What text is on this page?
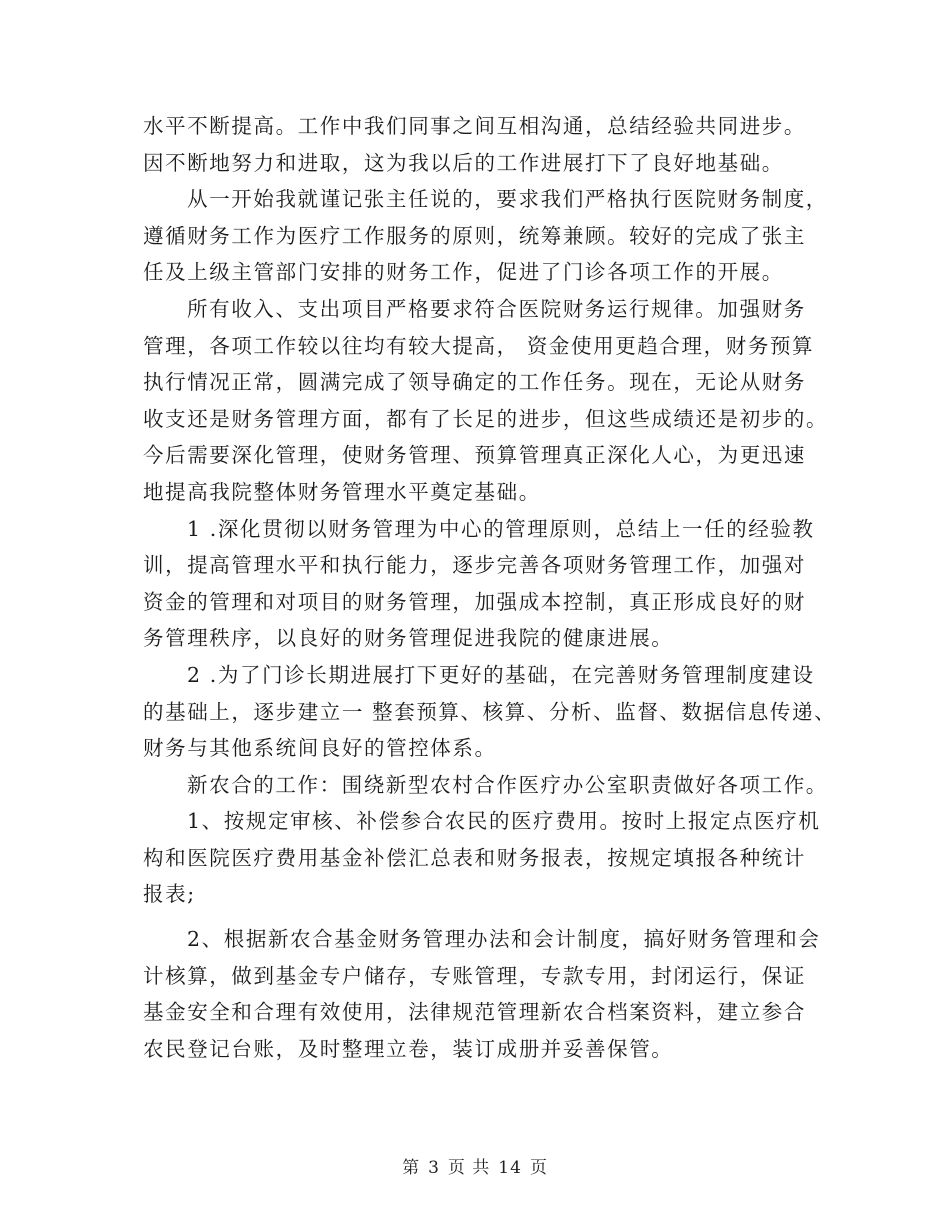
水平不断提高。工作中我们同事之间互相沟通，总结经验共同进步。
因不断地努力和进取，这为我以后的工作进展打下了良好地基础。
从一开始我就谨记张主任说的，要求我们严格执行医院财务制度，
遵循财务工作为医疗工作服务的原则，统筹兼顾。较好的完成了张主
任及上级主管部门安排的财务工作，促进了门诊各项工作的开展。
所有收入、支出项目严格要求符合医院财务运行规律。加强财务
管理，各项工作较以往均有较大提高， 资金使用更趋合理，财务预算
执行情况正常，圆满完成了领导确定的工作任务。现在，无论从财务
收支还是财务管理方面，都有了长足的进步，但这些成绩还是初步的。
今后需要深化管理，使财务管理、预算管理真正深化人心，为更迅速
地提高我院整体财务管理水平奠定基础。
1 .深化贯彻以财务管理为中心的管理原则，总结上一任的经验教
训，提高管理水平和执行能力，逐步完善各项财务管理工作，加强对
资金的管理和对项目的财务管理，加强成本控制，真正形成良好的财
务管理秩序，以良好的财务管理促进我院的健康进展。
2 .为了门诊长期进展打下更好的基础，在完善财务管理制度建设
的基础上，逐步建立一 整套预算、核算、分析、监督、数据信息传递、
财务与其他系统间良好的管控体系。
新农合的工作：围绕新型农村合作医疗办公室职责做好各项工作。
1、按规定审核、补偿参合农民的医疗费用。按时上报定点医疗机
构和医院医疗费用基金补偿汇总表和财务报表，按规定填报各种统计
报表;
2、根据新农合基金财务管理办法和会计制度，搞好财务管理和会
计核算，做到基金专户储存，专账管理，专款专用，封闭运行，保证
基金安全和合理有效使用，法律规范管理新农合档案资料，建立参合
农民登记台账，及时整理立卷，装订成册并妥善保管。
第 3 页 共 14 页
